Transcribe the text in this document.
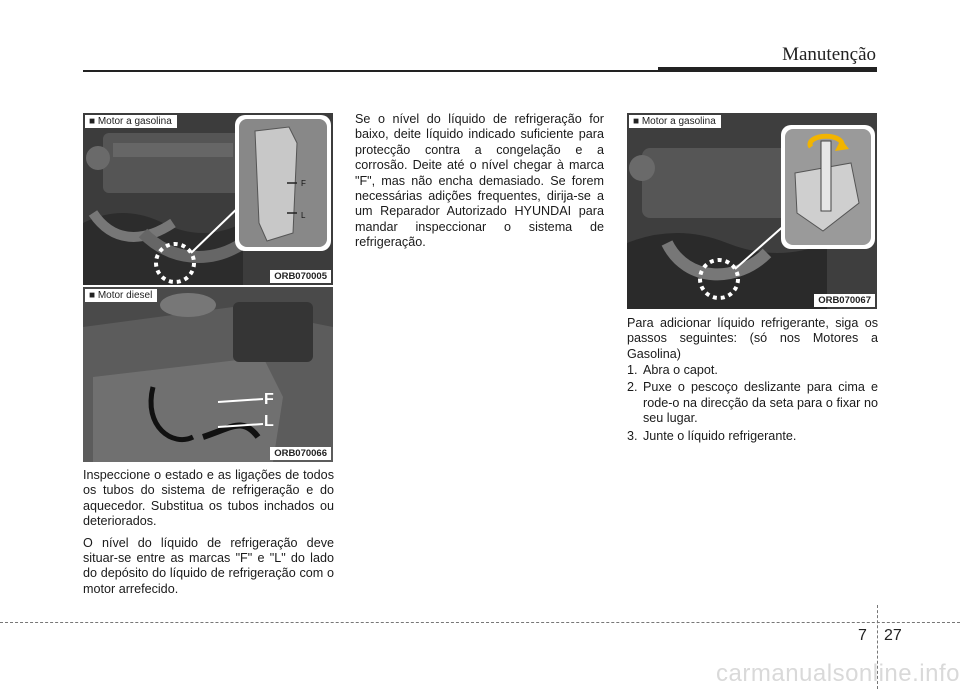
Manutenção
F
L
■ Motor a gasolina
ORB070005
F
L
■ Motor diesel
ORB070066
■ Motor a gasolina
ORB070067

Inspeccione o estado e as ligações de todos os tubos do sistema de refrigeração e do aquecedor. Substitua os tubos inchados ou deteriorados.

O nível do líquido de refrigeração deve situar-se entre as marcas "F" e "L" do lado do depósito do líquido de refrigeração com o motor arrefecido.

Se o nível do líquido de refrigeração for baixo, deite líquido indicado suficiente para protecção contra a congelação e a corrosão. Deite até o nível chegar à marca "F", mas não encha demasiado. Se forem necessárias adições frequentes, dirija-se a um Reparador Autorizado HYUNDAI para mandar inspeccionar o sistema de refrigeração.

Para adicionar líquido refrigerante, siga os passos seguintes: (só nos Motores a Gasolina)

1. Abra o capot.
2. Puxe o pescoço deslizante para cima e rode-o na direcção da seta para o fixar no seu lugar.
3. Junte o líquido refrigerante.
7 27
carmanualsonline.info
